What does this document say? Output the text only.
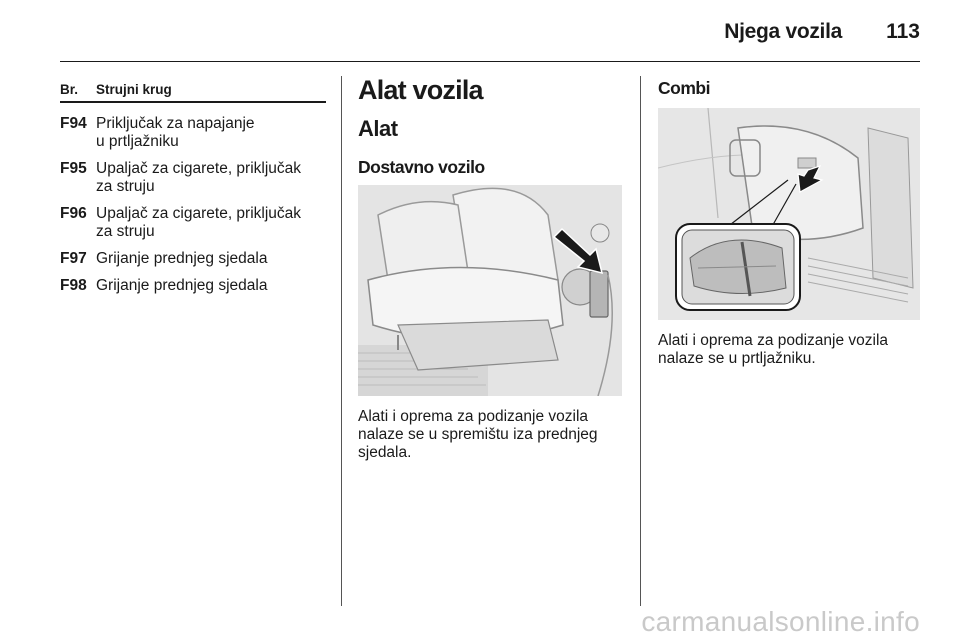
Njega vozila 113
Br.	Strujni krug
F94 Priključak za napajanje
u prtljažniku
F95 Upaljač za cigarete, priključak
za struju
F96 Upaljač za cigarete, priključak
za struju
F97 Grijanje prednjeg sjedala
F98 Grijanje prednjeg sjedala
Alat vozila
Alat
Dostavno vozilo
Alati i oprema za podizanje vozila
nalaze se u spremištu iza prednjeg
sjedala.
Combi
Alati i oprema za podizanje vozila
nalaze se u prtljažniku.
carmanualsonline.info
